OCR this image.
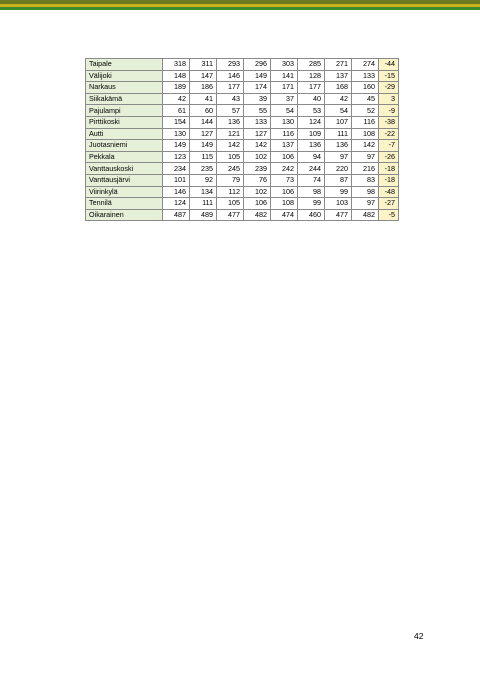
Taipale	318	311	293	296	303	285	271	274	-44
Välijoki	148	147	146	149	141	128	137	133	-15
Narkaus	189	186	177	174	171	177	168	160	-29
Siikakämä	42	41	43	39	37	40	42	45	3
Pajulampi	61	60	57	55	54	53	54	52	-9
Pirttikoski	154	144	136	133	130	124	107	116	-38
Autti	130	127	121	127	116	109	111	108	-22
Juotasniemi	149	149	142	142	137	136	136	142	-7
Pekkala	123	115	105	102	106	94	97	97	-26
Vanttauskoski	234	235	245	239	242	244	220	216	-18
Vanttausjärvi	101	92	79	76	73	74	87	83	-18
Viirinkylä	146	134	112	102	106	98	99	98	-48
Tennilä	124	111	105	106	108	99	103	97	-27
Oikarainen	487	489	477	482	474	460	477	482	-5
42
